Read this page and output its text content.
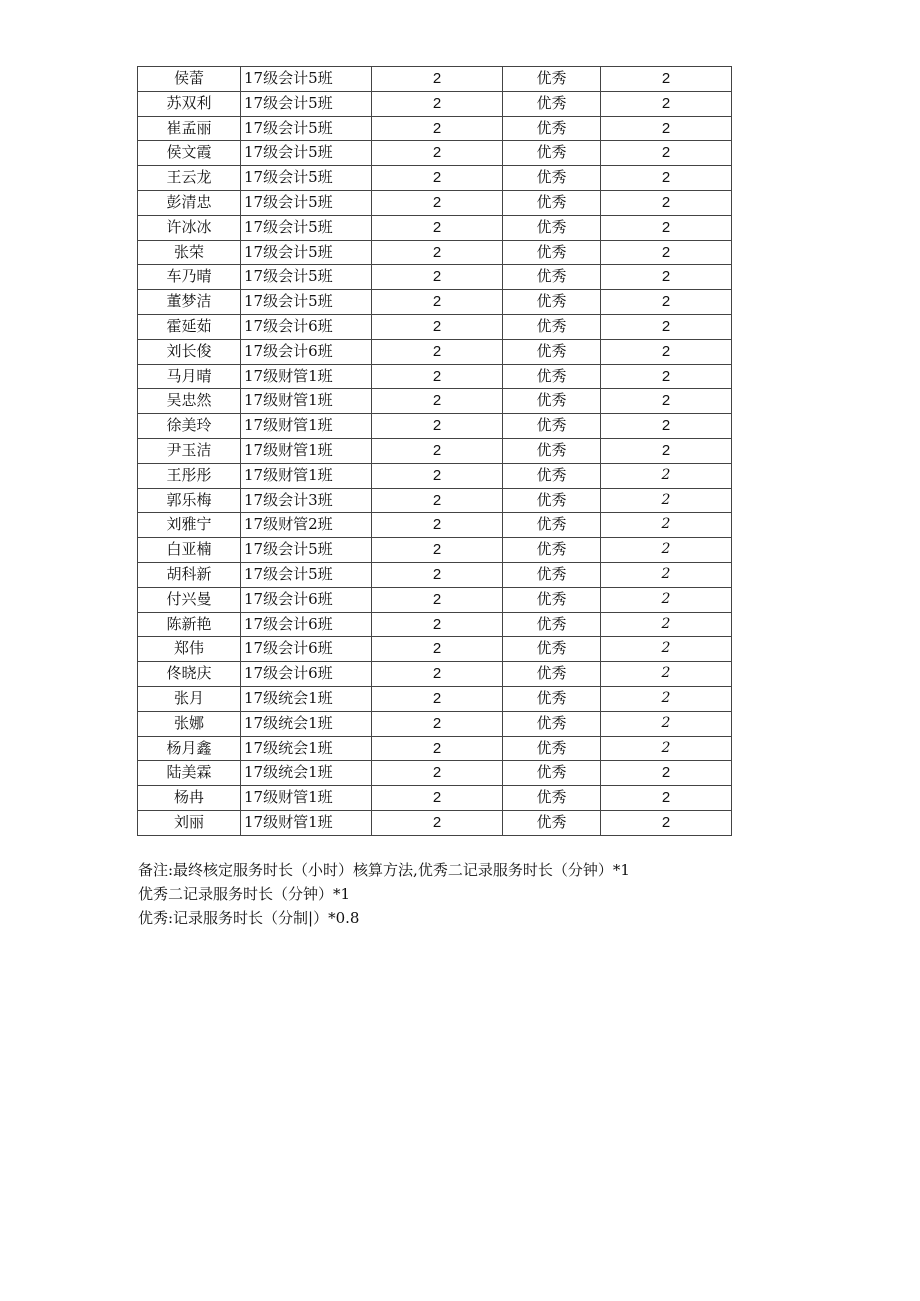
侯蕾	17级会计5班	2	优秀	2
苏双利	17级会计5班	2	优秀	2
崔孟丽	17级会计5班	2	优秀	2
侯文霞	17级会计5班	2	优秀	2
王云龙	17级会计5班	2	优秀	2
彭清忠	17级会计5班	2	优秀	2
许冰冰	17级会计5班	2	优秀	2
张荣	17级会计5班	2	优秀	2
车乃晴	17级会计5班	2	优秀	2
董梦洁	17级会计5班	2	优秀	2
霍延茹	17级会计6班	2	优秀	2
刘长俊	17级会计6班	2	优秀	2
马月晴	17级财管1班	2	优秀	2
吴忠然	17级财管1班	2	优秀	2
徐美玲	17级财管1班	2	优秀	2
尹玉洁	17级财管1班	2	优秀	2
王彤彤	17级财管1班	2	优秀	2
郭乐梅	17级会计3班	2	优秀	2
刘雅宁	17级财管2班	2	优秀	2
白亚楠	17级会计5班	2	优秀	2
胡科新	17级会计5班	2	优秀	2
付兴曼	17级会计6班	2	优秀	2
陈新艳	17级会计6班	2	优秀	2
郑伟	17级会计6班	2	优秀	2
佟晓庆	17级会计6班	2	优秀	2
张月	17级统会1班	2	优秀	2
张娜	17级统会1班	2	优秀	2
杨月鑫	17级统会1班	2	优秀	2
陆美霖	17级统会1班	2	优秀	2
杨冉	17级财管1班	2	优秀	2
刘丽	17级财管1班	2	优秀	2
备注:最终核定服务时长（小时）核算方法,优秀二记录服务时长（分钟）*1
优秀二记录服务时长（分钟）*1
优秀:记录服务时长（分制|）*0.8
